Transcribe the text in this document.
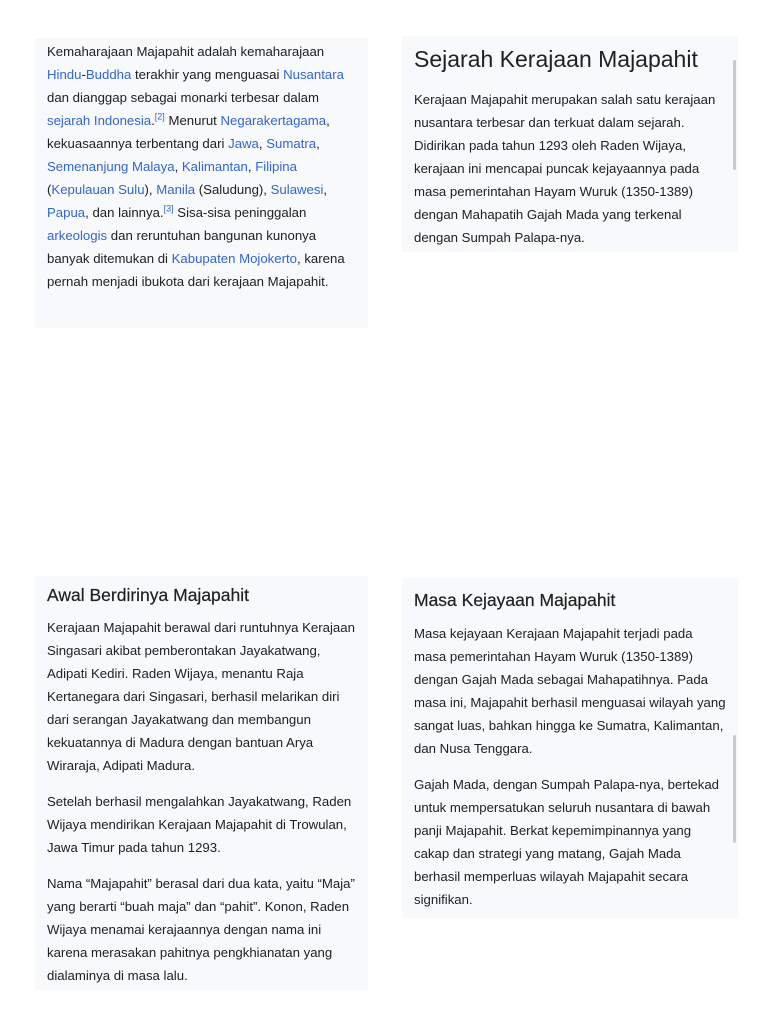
Kemaharajaan Majapahit adalah kemaharajaan Hindu-Buddha terakhir yang menguasai Nusantara dan dianggap sebagai monarki terbesar dalam sejarah Indonesia.[2] Menurut Negarakertagama, kekuasaannya terbentang dari Jawa, Sumatra, Semenanjung Malaya, Kalimantan, Filipina (Kepulauan Sulu), Manila (Saludung), Sulawesi, Papua, dan lainnya.[3] Sisa-sisa peninggalan arkeologis dan reruntuhan bangunan kunonya banyak ditemukan di Kabupaten Mojokerto, karena pernah menjadi ibukota dari kerajaan Majapahit.

Sejarah Kerajaan Majapahit

Kerajaan Majapahit merupakan salah satu kerajaan nusantara terbesar dan terkuat dalam sejarah. Didirikan pada tahun 1293 oleh Raden Wijaya, kerajaan ini mencapai puncak kejayaannya pada masa pemerintahan Hayam Wuruk (1350-1389) dengan Mahapatih Gajah Mada yang terkenal dengan Sumpah Palapa-nya.

Awal Berdirinya Majapahit

Kerajaan Majapahit berawal dari runtuhnya Kerajaan Singasari akibat pemberontakan Jayakatwang, Adipati Kediri. Raden Wijaya, menantu Raja Kertanegara dari Singasari, berhasil melarikan diri dari serangan Jayakatwang dan membangun kekuatannya di Madura dengan bantuan Arya Wiraraja, Adipati Madura.

Setelah berhasil mengalahkan Jayakatwang, Raden Wijaya mendirikan Kerajaan Majapahit di Trowulan, Jawa Timur pada tahun 1293.

Nama “Majapahit” berasal dari dua kata, yaitu “Maja” yang berarti “buah maja” dan “pahit”. Konon, Raden Wijaya menamai kerajaannya dengan nama ini karena merasakan pahitnya pengkhianatan yang dialaminya di masa lalu.

Masa Kejayaan Majapahit

Masa kejayaan Kerajaan Majapahit terjadi pada masa pemerintahan Hayam Wuruk (1350-1389) dengan Gajah Mada sebagai Mahapatihnya. Pada masa ini, Majapahit berhasil menguasai wilayah yang sangat luas, bahkan hingga ke Sumatra, Kalimantan, dan Nusa Tenggara.

Gajah Mada, dengan Sumpah Palapa-nya, bertekad untuk mempersatukan seluruh nusantara di bawah panji Majapahit. Berkat kepemimpinannya yang cakap dan strategi yang matang, Gajah Mada berhasil memperluas wilayah Majapahit secara signifikan.
